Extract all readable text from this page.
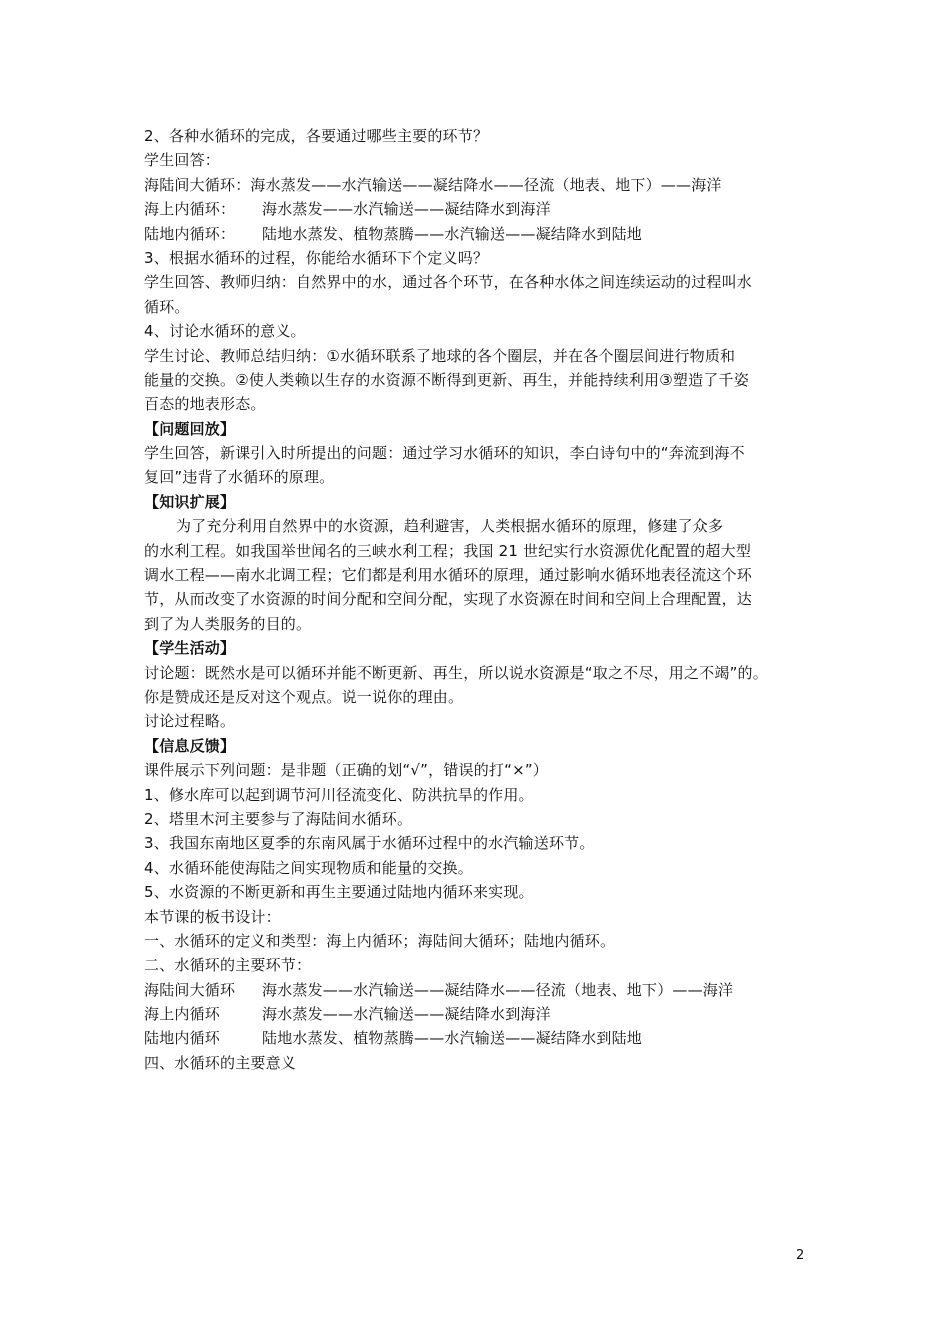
2、各种水循环的完成，各要通过哪些主要的环节？
学生回答：
海陆间大循环：海水蒸发——水汽输送——凝结降水——径流（地表、地下）——海洋
海上内循环： 海水蒸发——水汽输送——凝结降水到海洋
陆地内循环： 陆地水蒸发、植物蒸腾——水汽输送——凝结降水到陆地
3、根据水循环的过程，你能给水循环下个定义吗？
学生回答、教师归纳：自然界中的水，通过各个环节，在各种水体之间连续运动的过程叫水
循环。
4、讨论水循环的意义。
学生讨论、教师总结归纳：①水循环联系了地球的各个圈层，并在各个圈层间进行物质和
能量的交换。②使人类赖以生存的水资源不断得到更新、再生，并能持续利用③塑造了千姿
百态的地表形态。
【问题回放】
学生回答，新课引入时所提出的问题：通过学习水循环的知识，李白诗句中的“奔流到海不
复回”违背了水循环的原理。
【知识扩展】
为了充分利用自然界中的水资源，趋利避害，人类根据水循环的原理，修建了众多
的水利工程。如我国举世闻名的三峡水利工程；我国 21 世纪实行水资源优化配置的超大型
调水工程——南水北调工程；它们都是利用水循环的原理，通过影响水循环地表径流这个环
节，从而改变了水资源的时间分配和空间分配，实现了水资源在时间和空间上合理配置，达
到了为人类服务的目的。
【学生活动】
讨论题：既然水是可以循环并能不断更新、再生，所以说水资源是“取之不尽，用之不竭”的。
你是赞成还是反对这个观点。说一说你的理由。
讨论过程略。
【信息反馈】
课件展示下列问题：是非题（正确的划“√”，错误的打“×”）
1、修水库可以起到调节河川径流变化、防洪抗旱的作用。
2、塔里木河主要参与了海陆间水循环。
3、我国东南地区夏季的东南风属于水循环过程中的水汽输送环节。
4、水循环能使海陆之间实现物质和能量的交换。
5、水资源的不断更新和再生主要通过陆地内循环来实现。
本节课的板书设计：
一、水循环的定义和类型：海上内循环；海陆间大循环；陆地内循环。
二、水循环的主要环节：
海陆间大循环 海水蒸发——水汽输送——凝结降水——径流（地表、地下）——海洋
海上内循环	海水蒸发——水汽输送——凝结降水到海洋
陆地内循环	陆地水蒸发、植物蒸腾——水汽输送——凝结降水到陆地
四、水循环的主要意义
2
